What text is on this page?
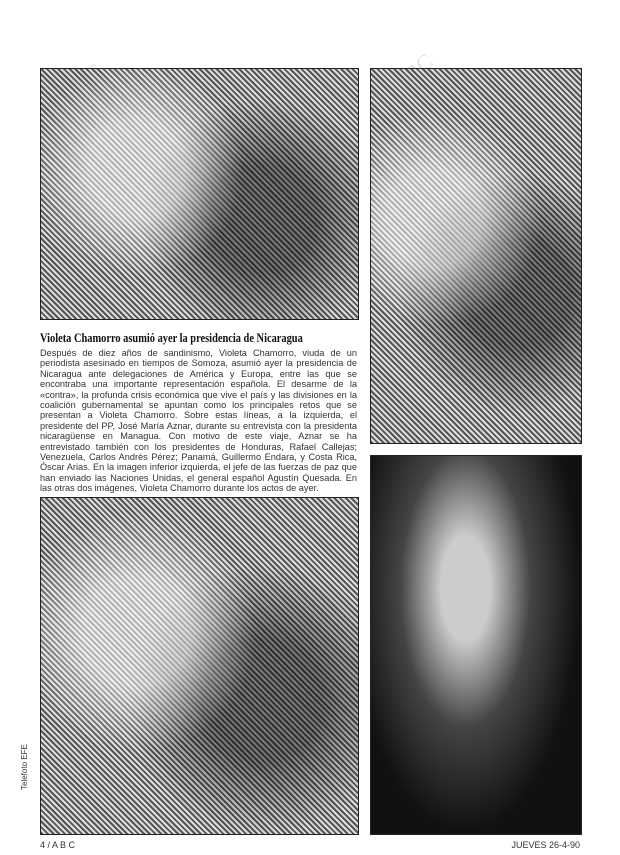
Violeta Chamorro asumió ayer la presidencia de Nicaragua
Después de diez años de sandinismo, Violeta Chamorro, viuda de un periodista asesinado en tiempos de Somoza, asumió ayer la presidencia de Nicaragua ante delegaciones de América y Europa, entre las que se encontraba una importante representación española. El desarme de la «contra», la profunda crisis económica que vive el país y las divisiones en la coalición gubernamental se apuntan como los principales retos que se presentan a Violeta Chamorro. Sobre estas líneas, a la izquierda, el presidente del PP, José María Aznar, durante su entrevista con la presidenta nicaragüense en Managua. Con motivo de este viaje, Aznar se ha entrevistado también con los presidentes de Honduras, Rafael Callejas; Venezuela, Carlos Andrés Pérez; Panamá, Guillermo Endara, y Costa Rica, Óscar Arias. En la imagen inferior izquierda, el jefe de las fuerzas de paz que han enviado las Naciones Unidas, el general español Agustín Quesada. En las otras dos imágenes, Violeta Chamorro durante los actos de ayer.
Telefoto EFE
4 / A B C	JUEVES 26-4-90
